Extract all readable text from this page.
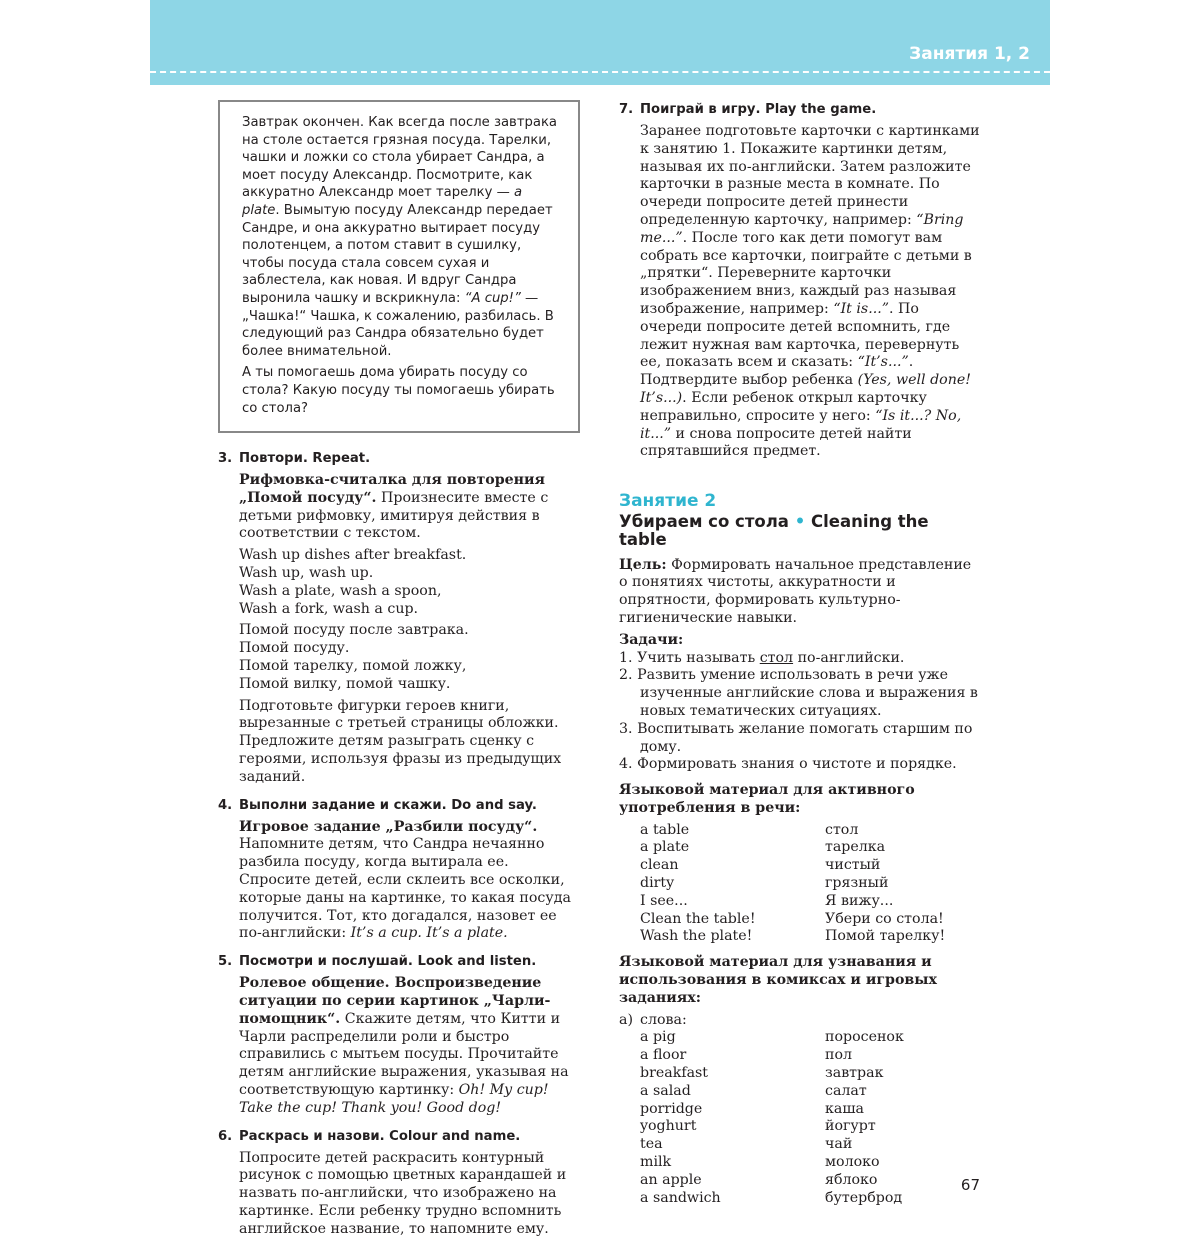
Занятия 1, 2

Завтрак окончен. Как всегда после завтрака на столе остается грязная посуда. Тарелки, чашки и ложки со стола убирает Сандра, а моет посуду Александр. Посмотрите, как аккуратно Александр моет тарелку — a plate. Вымытую посуду Александр передает Сандре, и она аккуратно вытирает посуду полотенцем, а потом ставит в сушилку, чтобы посуда стала совсем сухая и заблестела, как новая. И вдруг Сандра выронила чашку и вскрикнула: “A cup!” — „Чашка!“ Чашка, к сожалению, разбилась. В следующий раз Сандра обязательно будет более внимательной.

А ты помогаешь дома убирать посуду со стола? Какую посуду ты помогаешь убирать со стола?

3. Повтори. Repeat.

Рифмовка-считалка для повторения „Помой посуду“. Произнесите вместе с детьми рифмовку, имитируя действия в соответствии с текстом.

Wash up dishes after breakfast.
Wash up, wash up.
Wash a plate, wash a spoon,
Wash a fork, wash a cup.
Помой посуду после завтрака.
Помой посуду.
Помой тарелку, помой ложку,
Помой вилку, помой чашку.

Подготовьте фигурки героев книги, вырезанные с третьей страницы обложки. Предложите детям разыграть сценку с героями, используя фразы из предыдущих заданий.

4. Выполни задание и скажи. Do and say.

Игровое задание „Разбили посуду“. Напомните детям, что Сандра нечаянно разбила посуду, когда вытирала ее. Спросите детей, если склеить все осколки, которые даны на картинке, то какая посуда получится. Тот, кто догадался, назовет ее по-английски: It’s a cup. It’s a plate.

5. Посмотри и послушай. Look and listen.

Ролевое общение. Воспроизведение ситуации по серии картинок „Чарли-помощник“. Скажите детям, что Китти и Чарли распределили роли и быстро справились с мытьем посуды. Прочитайте детям английские выражения, указывая на соответствующую картинку: Oh! My cup! Take the cup! Thank you! Good dog!

6. Раскрась и назови. Colour and name.

Попросите детей раскрасить контурный рисунок с помощью цветных карандашей и назвать по-английски, что изображено на картинке. Если ребенку трудно вспомнить английское название, то напомните ему.

7. Поиграй в игру. Play the game.

Заранее подготовьте карточки с картинками к занятию 1. Покажите картинки детям, называя их по-английски. Затем разложите карточки в разные места в комнате. По очереди попросите детей принести определенную карточку, например: “Bring me...”. После того как дети помогут вам собрать все карточки, поиграйте с детьми в „прятки“. Переверните карточки изображением вниз, каждый раз называя изображение, например: “It is...”. По очереди попросите детей вспомнить, где лежит нужная вам карточка, перевернуть ее, показать всем и сказать: “It’s...”. Подтвердите выбор ребенка (Yes, well done! It’s...). Если ребенок открыл карточку неправильно, спросите у него: “Is it...? No, it...” и снова попросите детей найти спрятавшийся предмет.

Занятие 2
Убираем со стола • Cleaning the table
Цель: Формировать начальное представление о понятиях чистоты, аккуратности и опрятности, формировать культурно-гигиенические навыки.
Задачи:
1. Учить называть стол по-английски.
2. Развить умение использовать в речи уже изученные английские слова и выражения в новых тематических ситуациях.
3. Воспитывать желание помогать старшим по дому.
4. Формировать знания о чистоте и порядке.
Языковой материал для активного употребления в речи:
a table	стол
a plate	тарелка
clean	чистый
dirty	грязный
I see...	Я вижу...
Clean the table!	Убери со стола!
Wash the plate!	Помой тарелку!
Языковой материал для узнавания и использования в комиксах и игровых заданиях:
а) слова:
a pig	поросенок
a floor	пол
breakfast	завтрак
a salad	салат
porridge	каша
yoghurt	йогурт
tea	чай
milk	молоко
an apple	яблоко
a sandwich	бутерброд
67
